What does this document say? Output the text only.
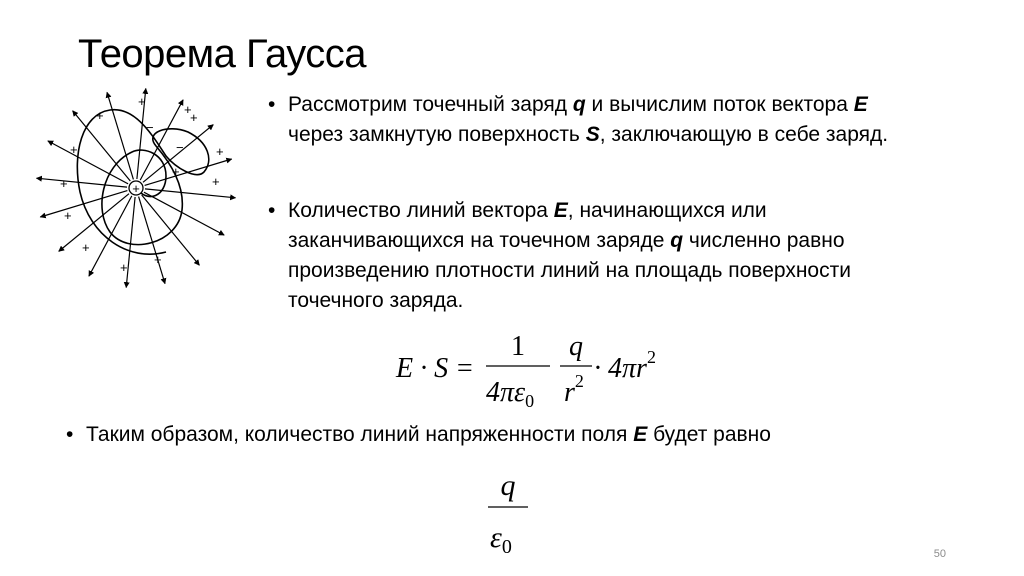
Теорема Гаусса
+
+
+
+
+
+
+
+
+
+
+
+
+
+
−
−
• Рассмотрим точечный заряд q и вычислим поток вектора E через замкнутую поверхность S, заключающую в себе заряд.
• Количество линий вектора E, начинающихся или заканчивающихся на точечном заряде q численно равно произведению плотности линий на площадь поверхности точечного заряда.
E · S =
1
$4\pi\varepsilon_0$
q
$r^2 \cdot 4\pi r^2$
• Таким образом, количество линий напряженности поля E будет равно
q
$\varepsilon_0$	50
